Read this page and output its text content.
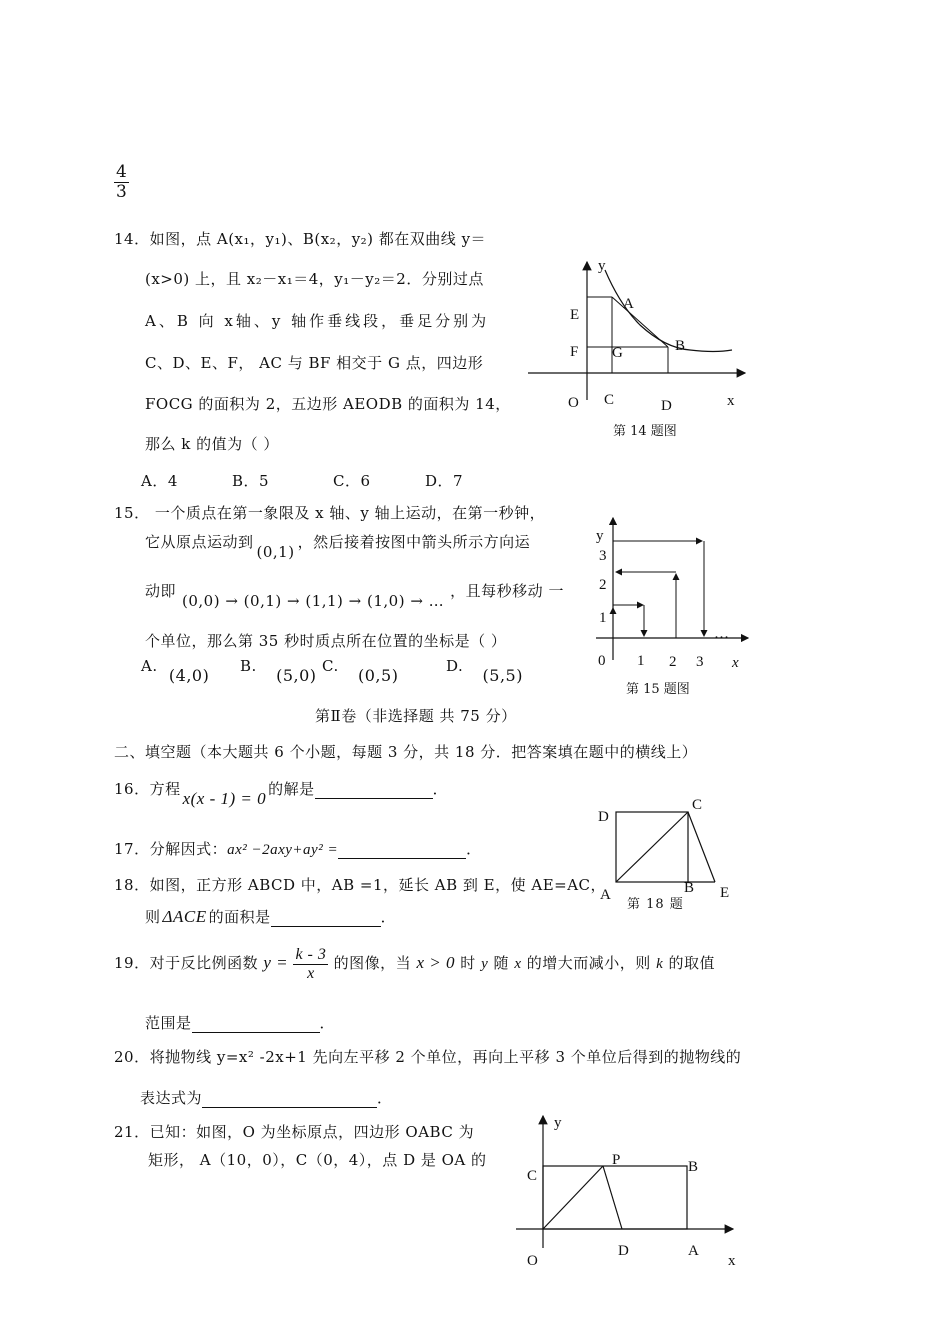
$\frac{4}{3}$
14．如图，点 A(x₁，y₁)、B(x₂，y₂) 都在双曲线 y＝
(x>0) 上，且 x₂－x₁＝4，y₁－y₂＝2．分别过点
A、B 向 x轴、y 轴作垂线段，垂足分别为
C、D、E、F， AC 与 BF 相交于 G 点，四边形
FOCG 的面积为 2，五边形 AEODB 的面积为 14，
那么 k 的值为（ ）
A．4	B．5	C．6	D．7
y
A
E
F G	B
O C	D	x
第 14 题图
15． 一个质点在第一象限及 x 轴、y 轴上运动，在第一秒钟，
它从原点运动到(0,1)，然后接着按图中箭头所示方向运
动即(0,0) → (0,1) → (1,1) → (1,0) → …，且每秒移动 一
个单位，那么第 35 秒时质点所在位置的坐标是（ ）
A. (4,0) B. (5,0) C. (0,5)	D. (5,5)
y
3
2
1
0 1 2 3
…
x
第 15 题图
第Ⅱ卷（非选择题 共 75 分）
二、填空题（本大题共 6 个小题，每题 3 分，共 18 分．把答案填在题中的横线上）
16．方程 x(x - 1) = 0 的解是	．
D
C
A	B E
第 18 题
17．分解因式：ax² −2axy+ay² =	．
18．如图，正方形 ABCD 中，AB =1，延长 AB 到 E，使 AE=AC，
则 ΔACE 的面积是	．
19．对于反比例函数 $y = \frac{k - 3}{x}$ 的图像，当 x > 0 时 y 随 x 的增大而减小，则 k 的取值
范围是	．
20．将抛物线 y=x² -2x+1 先向左平移 2 个单位，再向上平移 3 个单位后得到的抛物线的
表达式为	．
21．已知：如图，O 为坐标原点，四边形 OABC 为
矩形， A（10，0），C（0，4），点 D 是 OA 的
y
C
P	B
O
D	A
x
